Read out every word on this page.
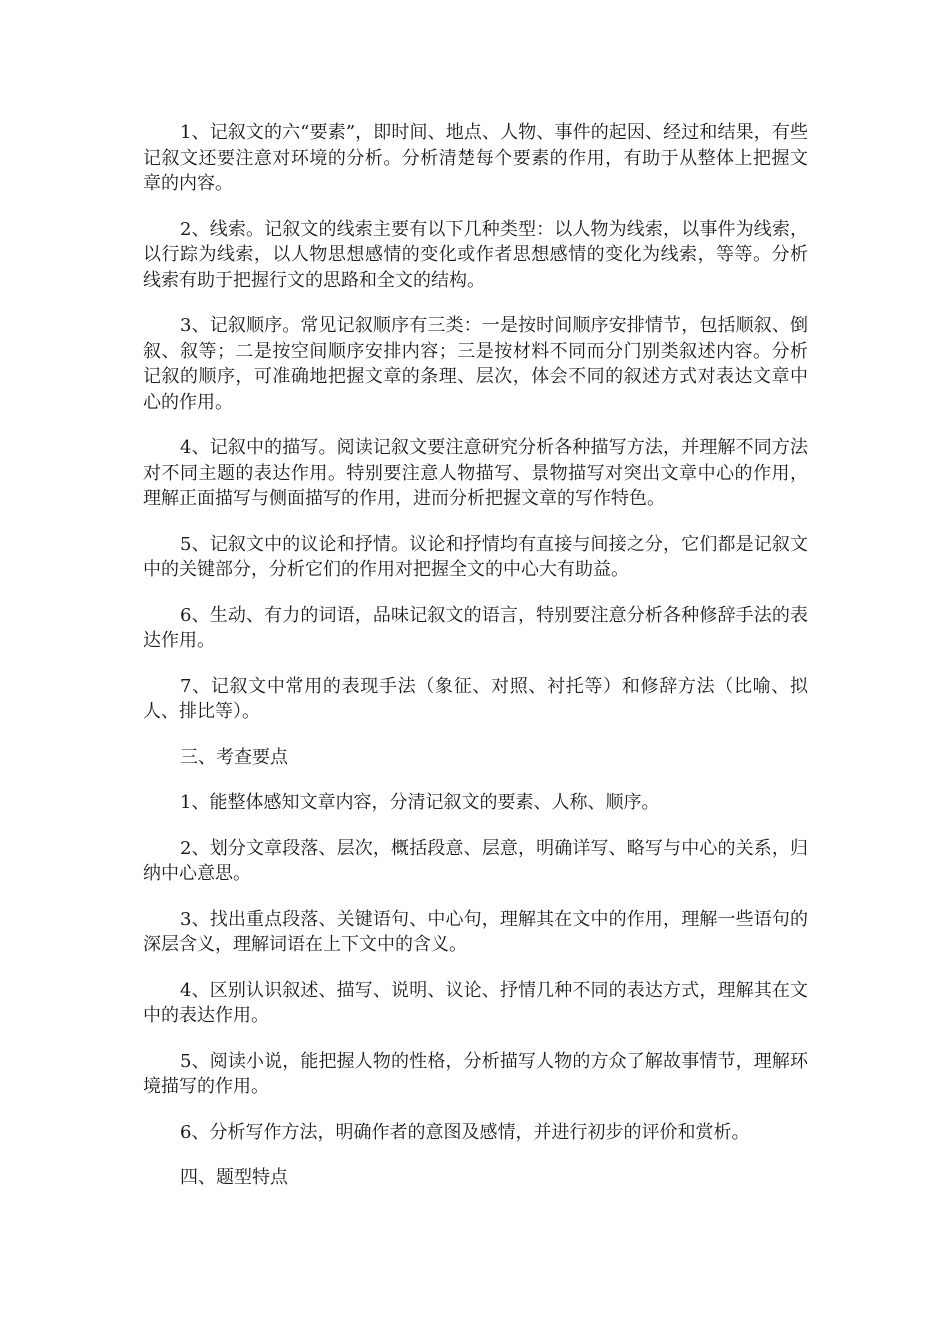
1、记叙文的六“要素”，即时间、地点、人物、事件的起因、经过和结果，有些记叙文还要注意对环境的分析。分析清楚每个要素的作用，有助于从整体上把握文章的内容。

2、线索。记叙文的线索主要有以下几种类型：以人物为线索，以事件为线索，以行踪为线索，以人物思想感情的变化或作者思想感情的变化为线索，等等。分析线索有助于把握行文的思路和全文的结构。

3、记叙顺序。常见记叙顺序有三类：一是按时间顺序安排情节，包括顺叙、倒叙、叙等；二是按空间顺序安排内容；三是按材料不同而分门别类叙述内容。分析记叙的顺序，可准确地把握文章的条理、层次，体会不同的叙述方式对表达文章中心的作用。

4、记叙中的描写。阅读记叙文要注意研究分析各种描写方法，并理解不同方法对不同主题的表达作用。特别要注意人物描写、景物描写对突出文章中心的作用，理解正面描写与侧面描写的作用，进而分析把握文章的写作特色。

5、记叙文中的议论和抒情。议论和抒情均有直接与间接之分，它们都是记叙文中的关键部分，分析它们的作用对把握全文的中心大有助益。

6、生动、有力的词语，品味记叙文的语言，特别要注意分析各种修辞手法的表达作用。

7、记叙文中常用的表现手法（象征、对照、衬托等）和修辞方法（比喻、拟人、排比等）。

三、考查要点

1、能整体感知文章内容，分清记叙文的要素、人称、顺序。

2、划分文章段落、层次，概括段意、层意，明确详写、略写与中心的关系，归纳中心意思。

3、找出重点段落、关键语句、中心句，理解其在文中的作用，理解一些语句的深层含义，理解词语在上下文中的含义。

4、区别认识叙述、描写、说明、议论、抒情几种不同的表达方式，理解其在文中的表达作用。

5、阅读小说，能把握人物的性格，分析描写人物的方众了解故事情节，理解环境描写的作用。

6、分析写作方法，明确作者的意图及感情，并进行初步的评价和赏析。

四、题型特点
